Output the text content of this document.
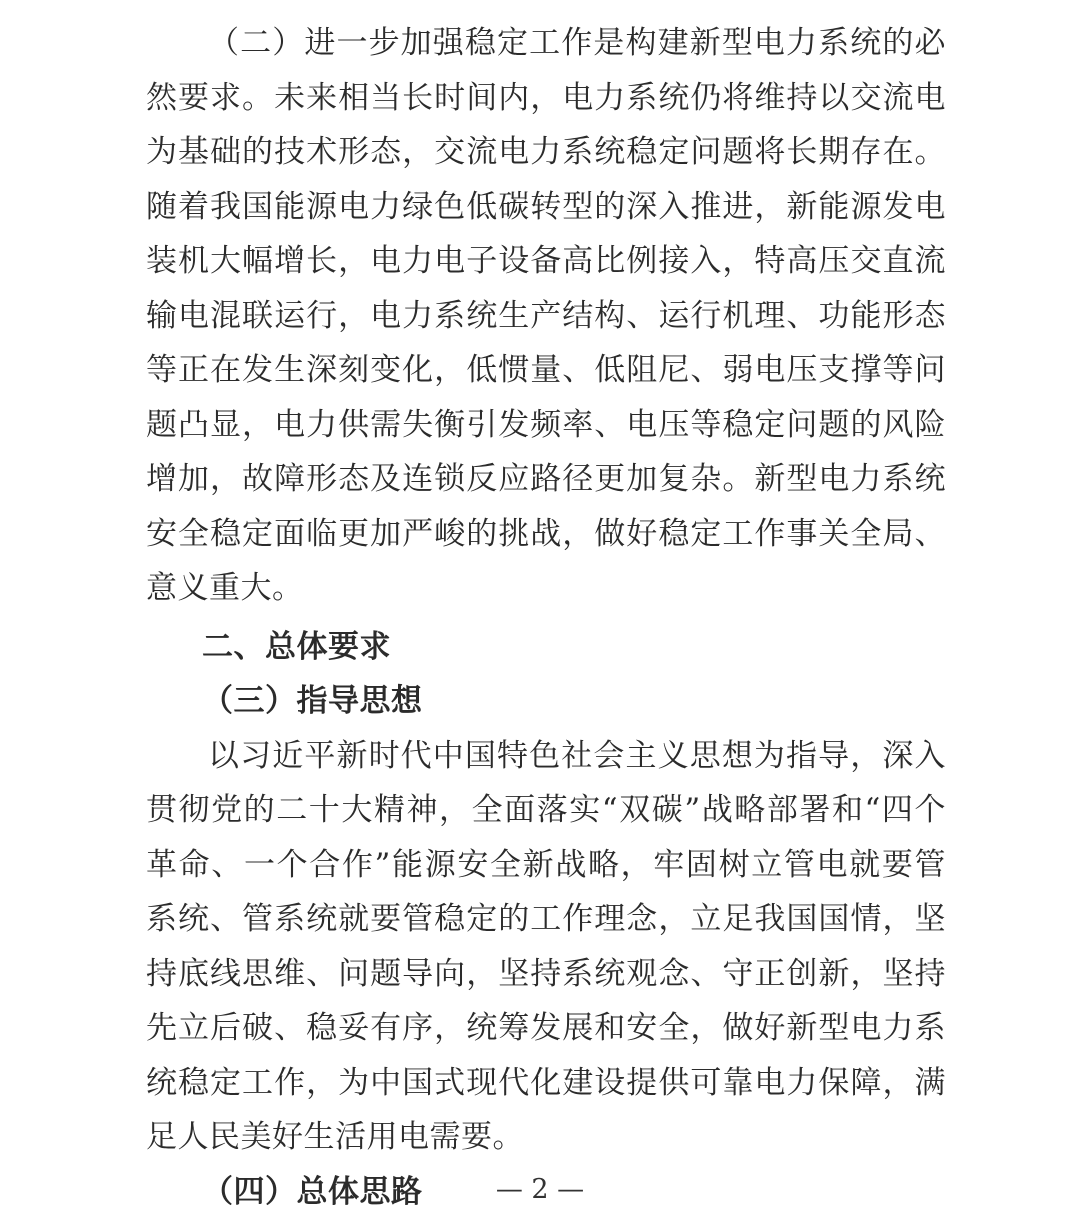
（二）进一步加强稳定工作是构建新型电力系统的必然要求。未来相当长时间内，电力系统仍将维持以交流电为基础的技术形态，交流电力系统稳定问题将长期存在。随着我国能源电力绿色低碳转型的深入推进，新能源发电装机大幅增长，电力电子设备高比例接入，特高压交直流输电混联运行，电力系统生产结构、运行机理、功能形态等正在发生深刻变化，低惯量、低阻尼、弱电压支撑等问题凸显，电力供需失衡引发频率、电压等稳定问题的风险增加，故障形态及连锁反应路径更加复杂。新型电力系统安全稳定面临更加严峻的挑战，做好稳定工作事关全局、意义重大。

二、总体要求

（三）指导思想

以习近平新时代中国特色社会主义思想为指导，深入贯彻党的二十大精神，全面落实“双碳”战略部署和“四个革命、一个合作”能源安全新战略，牢固树立管电就要管系统、管系统就要管稳定的工作理念，立足我国国情，坚持底线思维、问题导向，坚持系统观念、守正创新，坚持先立后破、稳妥有序，统筹发展和安全，做好新型电力系统稳定工作，为中国式现代化建设提供可靠电力保障，满足人民美好生活用电需要。

（四）总体思路	— 2 —
